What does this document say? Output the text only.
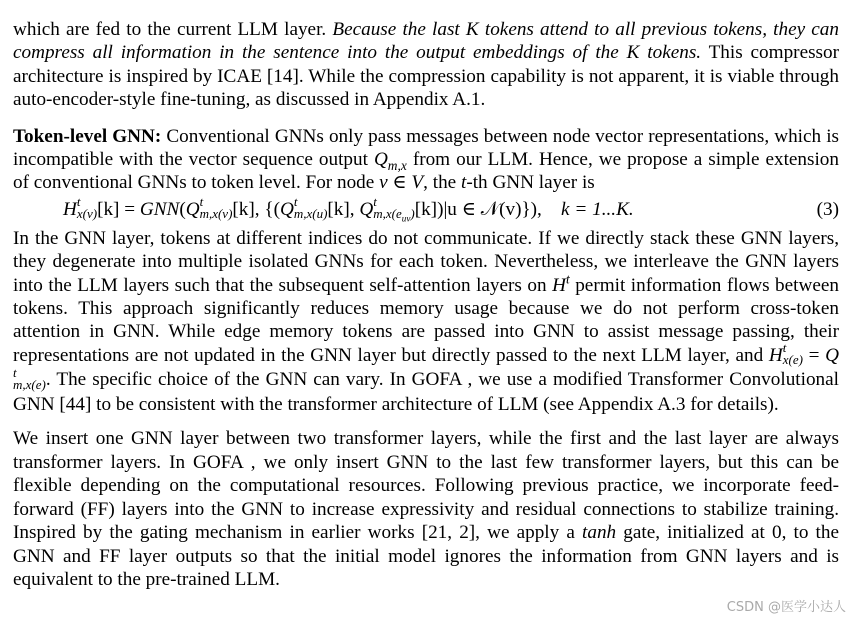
which are fed to the current LLM layer. Because the last K tokens attend to all previous tokens, they can compress all information in the sentence into the output embeddings of the K tokens. This compressor architecture is inspired by ICAE [14]. While the compression capability is not apparent, it is viable through auto-encoder-style fine-tuning, as discussed in Appendix A.1.

Token-level GNN: Conventional GNNs only pass messages between node vector representations, which is incompatible with the vector sequence output $Q_{m,x}$ from our LLM. Hence, we propose a simple extension of conventional GNNs to token level. For node v ∈ V, the t-th GNN layer is

H t
x(v) [k] = GNN(Q t
m,x(v) [k], {(Q t
m,x(u) [k], Q t
$m,x(e_{uv})$ [k])|u ∈ 𝒩(v)}), k = 1...K.	(3)

In the GNN layer, tokens at different indices do not communicate. If we directly stack these GNN layers, they degenerate into multiple isolated GNNs for each token. Nevertheless, we interleave the GNN layers into the LLM layers such that the subsequent self-attention layers on $H^t$ permit information flows between tokens. This approach significantly reduces memory usage because we do not perform cross-token attention in GNN. While edge memory tokens are passed into GNN to assist message passing, their representations are not updated in the GNN layer but directly passed to the next LLM layer, and H t
x(e) = Q
t
m,x(e) . The specific choice of the GNN can vary. In GOFA , we use a modified Transformer Convolutional GNN [44] to be consistent with the transformer architecture of LLM (see Appendix A.3 for details).

We insert one GNN layer between two transformer layers, while the first and the last layer are always transformer layers. In GOFA , we only insert GNN to the last few transformer layers, but this can be flexible depending on the computational resources. Following previous practice, we incorporate feed-forward (FF) layers into the GNN to increase expressivity and residual connections to stabilize training. Inspired by the gating mechanism in earlier works [21, 2], we apply a tanh gate, initialized at 0, to the GNN and FF layer outputs so that the initial model ignores the information from GNN layers and is equivalent to the pre-trained LLM.

CSDN @医学小达人
